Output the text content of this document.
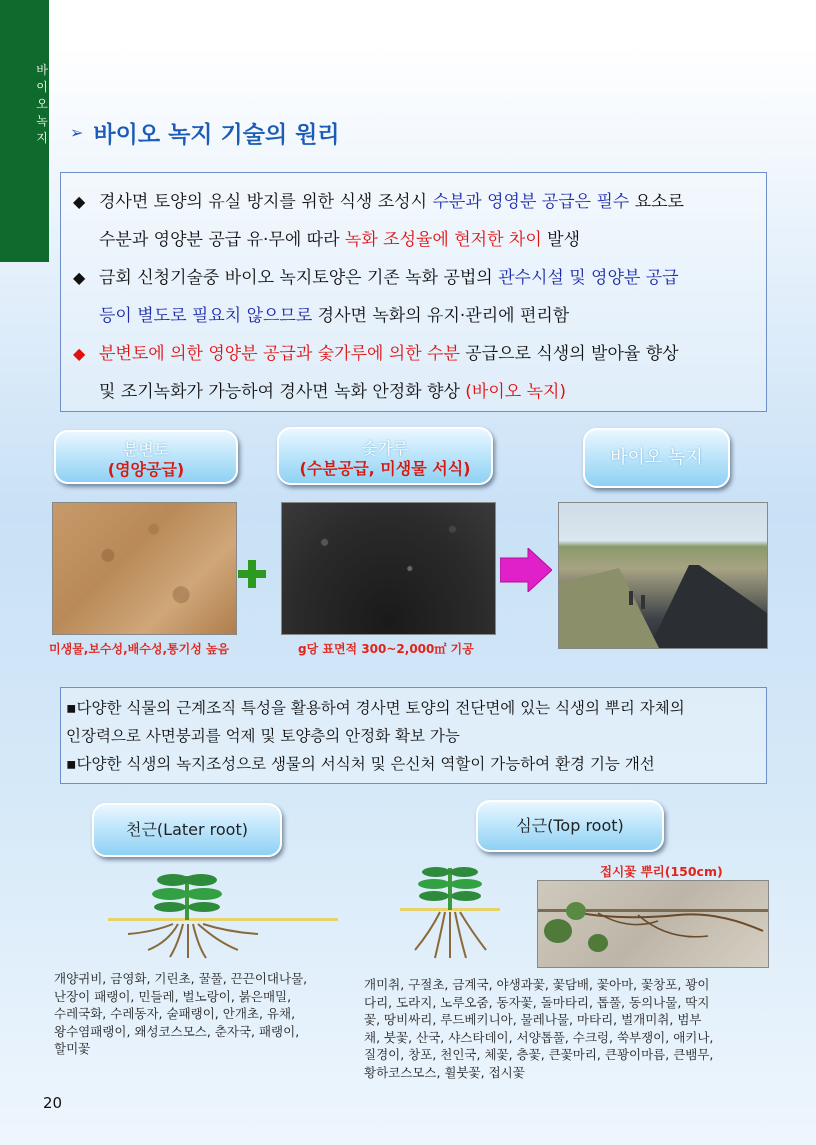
바
이
오
녹
지 ➢ 바이오 녹지 기술의 원리
◆ 경사면 토양의 유실 방지를 위한 식생 조성시 수분과 영영분 공급은 필수 요소로
수분과 영양분 공급 유·무에 따라 녹화 조성율에 현저한 차이 발생
◆ 금회 신청기술중 바이오 녹지토양은 기존 녹화 공법의 관수시설 및 영양분 공급
등이 별도로 필요치 않으므로 경사면 녹화의 유지·관리에 편리함
◆ 분변토에 의한 영양분 공급과 숯가루에 의한 수분 공급으로 식생의 발아율 향상
및 조기녹화가 가능하여 경사면 녹화 안정화 향상 (바이오 녹지)
분변토
(영양공급)
숯가루
(수분공급, 미생물 서식)
바이오 녹지
미생물,보수성,배수성,통기성 높음	g당 표면적 300~2,000㎡ 기공
▪다양한 식물의 근계조직 특성을 활용하여 경사면 토양의 전단면에 있는 식생의 뿌리 자체의
인장력으로 사면붕괴를 억제 및 토양층의 안정화 확보 가능
▪다양한 식생의 녹지조성으로 생물의 서식처 및 은신처 역할이 가능하여 환경 기능 개선
천근(Later root)	심근(Top root)
접시꽃 뿌리(150cm)
개양귀비, 금영화, 기린초, 꿀풀, 끈끈이대나물,
난장이 패랭이, 민들레, 벌노랑이, 붉은매밀,
수레국화, 수레동자, 술패랭이, 안개초, 유채,
왕수염패랭이, 왜성코스모스, 춘자국, 패랭이,
할미꽃
개미취, 구절초, 금계국, 야생과꽃, 꽃담배, 꽃아마, 꽃창포, 꽝이
다리, 도라지, 노루오줌, 동자꽃, 돌마타리, 톱풀, 동의나물, 딱지
꽃, 땅비싸리, 루드베키니아, 물레나물, 마타리, 벌개미취, 범부
채, 붓꽃, 산국, 샤스타데이, 서양톱풀, 수크렁, 쑥부쟁이, 애키나,
질경이, 창포, 천인국, 체꽃, 층꽃, 큰꽃마리, 큰꽝이마름, 큰뱀무,
황하코스모스, 휠붓꽃, 접시꽃
20
